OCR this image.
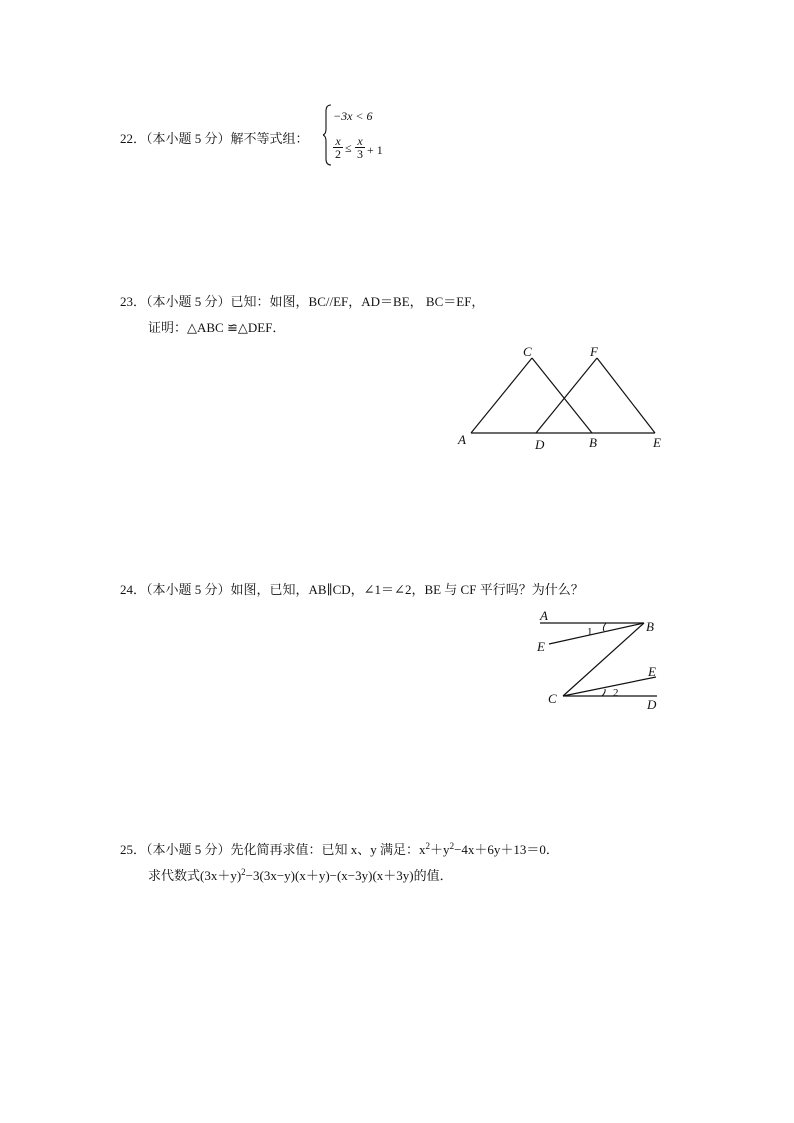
22．（本小题 5 分）解不等式组：
−3x < 6
$\frac{x}{2} \le \frac{x}{3} + 1$
23．（本小题 5 分）已知：如图，BC//EF，AD＝BE， BC＝EF，
证明：△ABC ≌△DEF．
A
C	F
D	B	E
24．（本小题 5 分）如图，已知，AB∥CD，∠1＝∠2，BE 与 CF 平行吗？为什么？
A
B
E
1
E
2
C	D
25．（本小题 5 分）先化简再求值：已知 x、y 满足：$x^2+y^2-4x+6y+13=0$．
求代数式$(3x+y)^2-3(3x-y)(x+y)-(x-3y)(x+3y)$的值．
